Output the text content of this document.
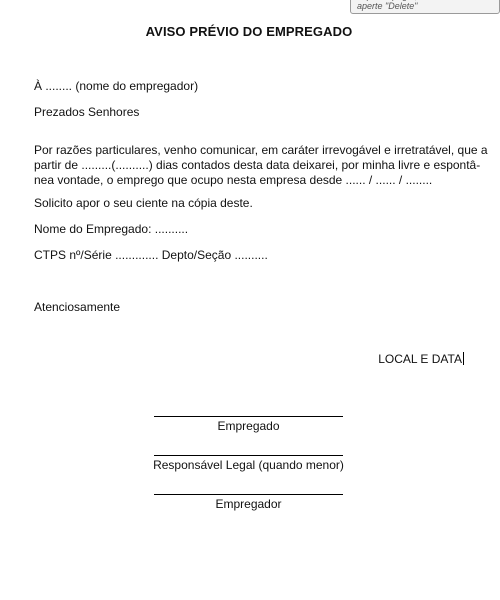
aperte "Delete"
AVISO PRÉVIO DO EMPREGADO
À ........ (nome do empregador)
Prezados Senhores
Por razões particulares, venho comunicar, em caráter irrevogável e irretratável, que a
partir de .........(..........) dias contados desta data deixarei, por minha livre e espontâ-
nea vontade, o emprego que ocupo nesta empresa desde ...... / ...... / ........
Solicito apor o seu ciente na cópia deste.
Nome do Empregado: ..........
CTPS nº/Série ............. Depto/Seção ..........
Atenciosamente
LOCAL E DATA
Empregado
Responsável Legal (quando menor)
Empregador
